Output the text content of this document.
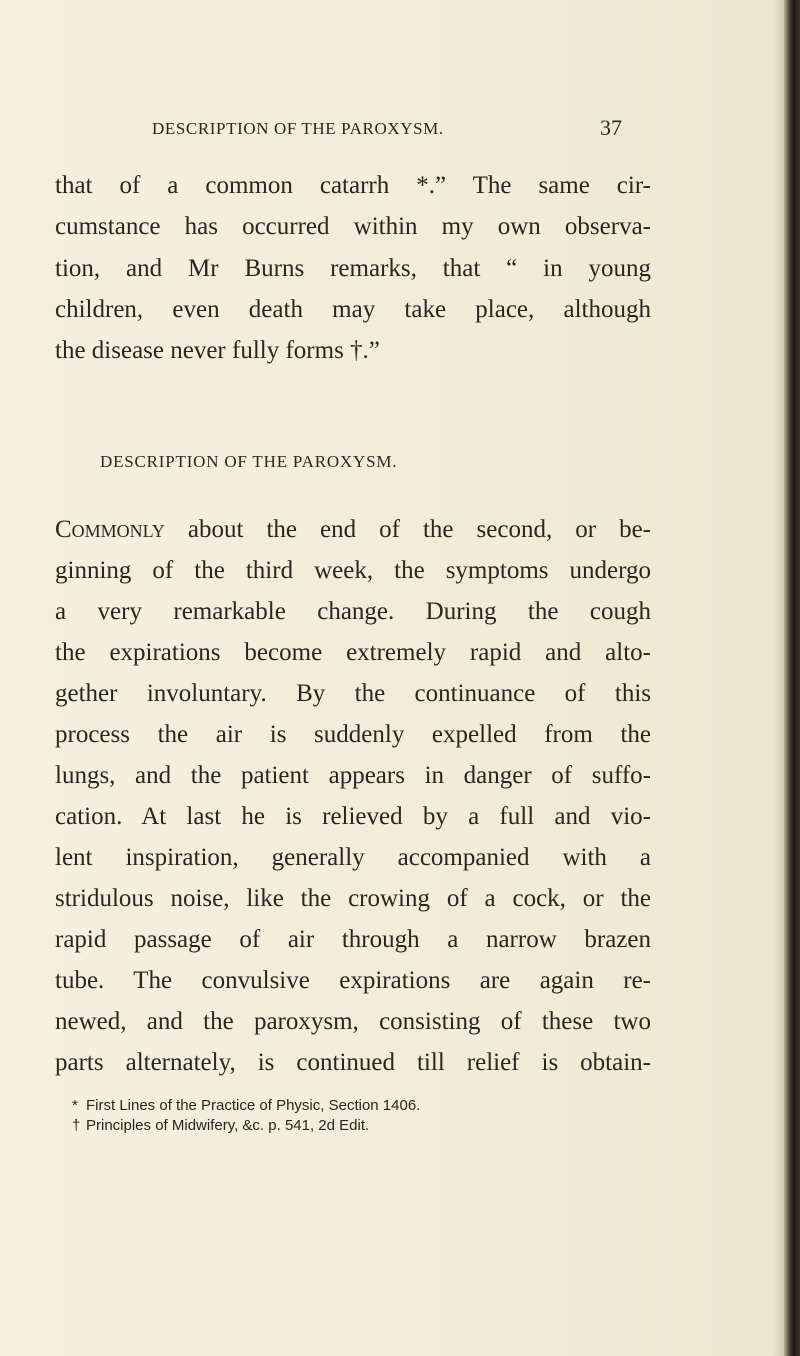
DESCRIPTION OF THE PAROXYSM.	37
that of a common catarrh *.” The same cir-
cumstance has occurred within my own observa-
tion, and Mr Burns remarks, that “ in young
children, even death may take place, although
the disease never fully forms †.”
DESCRIPTION OF THE PAROXYSM.
Commonly about the end of the second, or be-
ginning of the third week, the symptoms undergo
a very remarkable change. During the cough
the expirations become extremely rapid and alto-
gether involuntary. By the continuance of this
process the air is suddenly expelled from the
lungs, and the patient appears in danger of suffo-
cation. At last he is relieved by a full and vio-
lent inspiration, generally accompanied with a
stridulous noise, like the crowing of a cock, or the
rapid passage of air through a narrow brazen
tube. The convulsive expirations are again re-
newed, and the paroxysm, consisting of these two
parts alternately, is continued till relief is obtain-
* First Lines of the Practice of Physic, Section 1406.
† Principles of Midwifery, &c. p. 541, 2d Edit.
